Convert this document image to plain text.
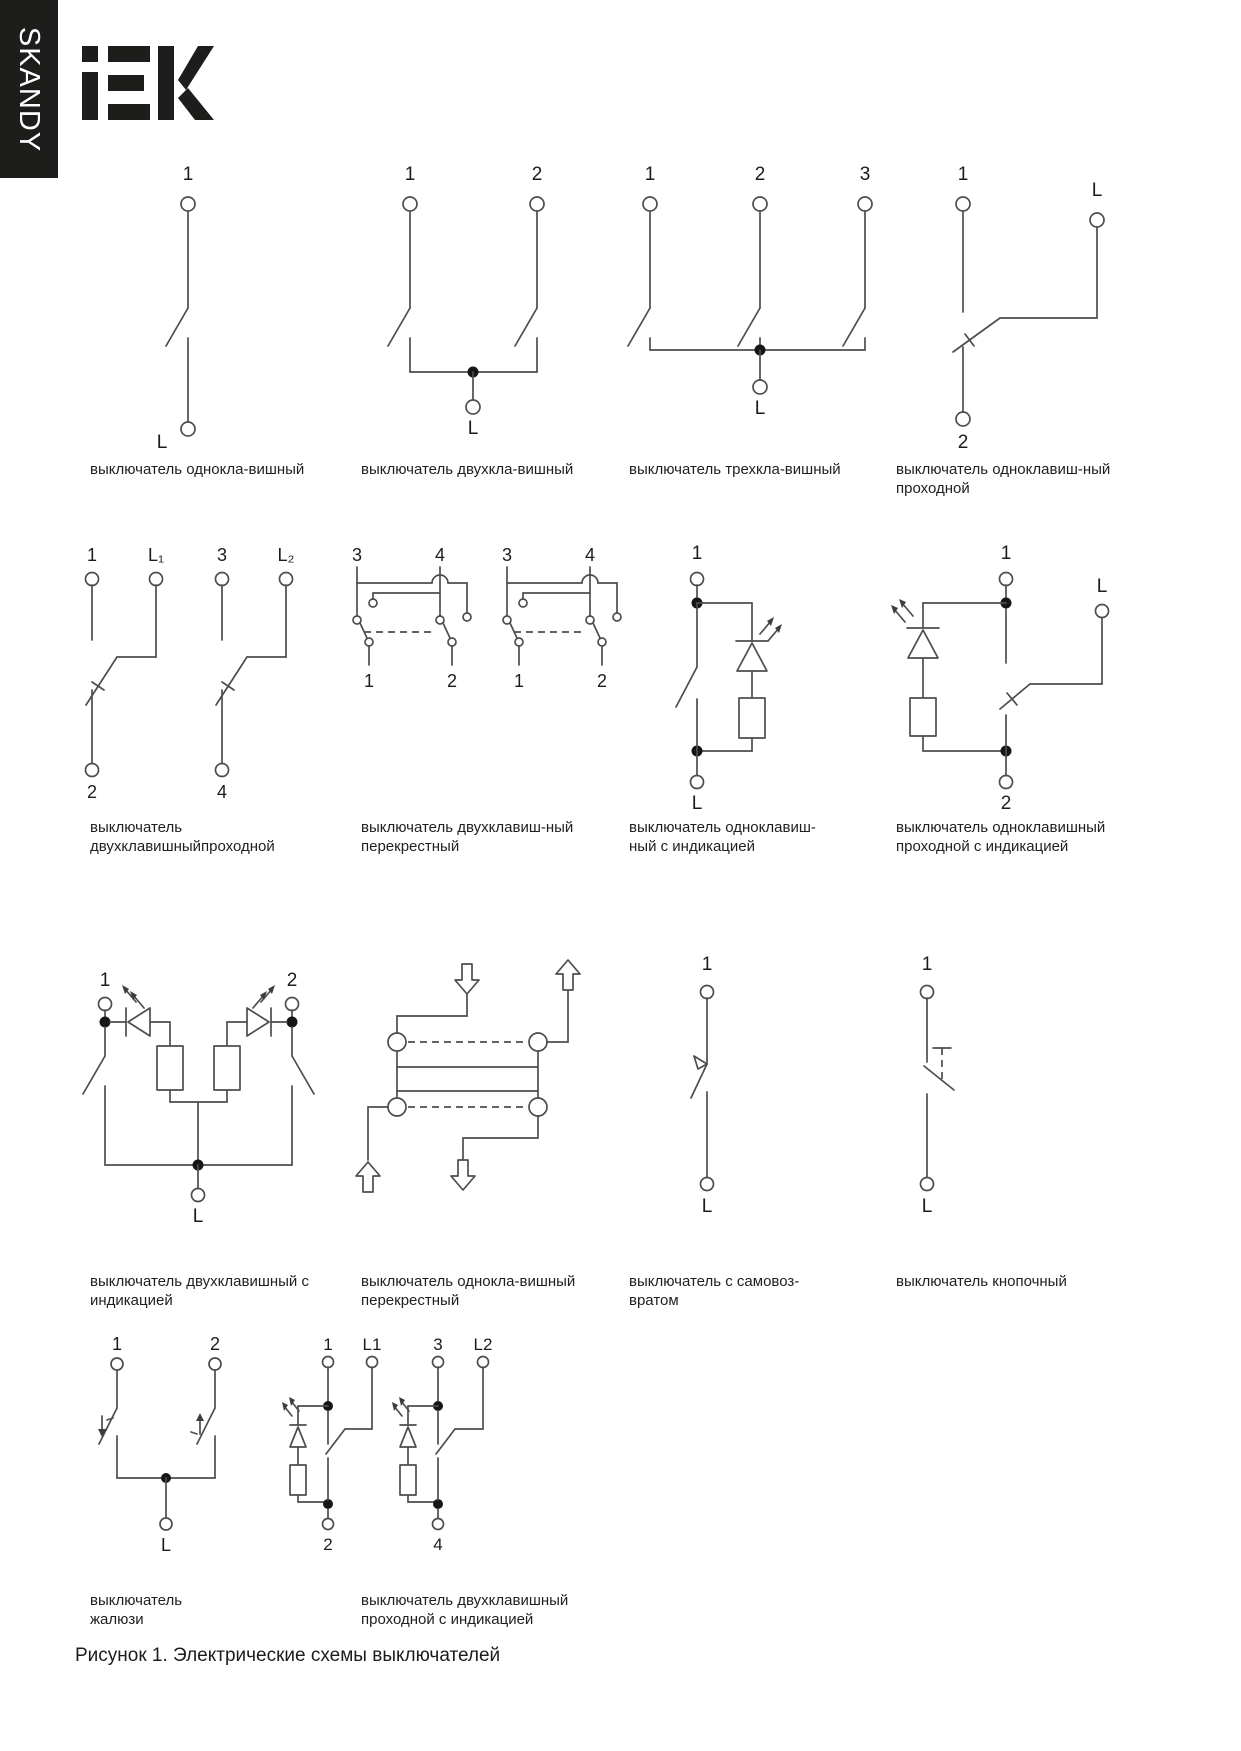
SKANDY
1
L
1	2
L
1	2	3
L
1
L
2
1	L₁
2
3	L₂
4
3	4
1	2
3	4
1	2
1
L
1
L
2
1	2
L
1
L
1
L
1	2
L
1 L1
2
3 L2
4
выключатель однокла-вишный	выключатель двухкла-вишный	выключатель трехкла-вишный	выключатель одноклавиш-ный
проходной
выключатель
двухклавишныйпроходной
выключатель двухклавиш-ный
перекрестный
выключатель одноклавиш-
ный с индикацией
выключатель одноклавишный
проходной с индикацией
выключатель двухклавишный с
индикацией
выключатель однокла-вишный
перекрестный
выключатель с самовоз-
вратом
выключатель кнопочный
выключатель
жалюзи
выключатель двухклавишный
проходной с индикацией
Рисунок 1. Электрические схемы выключателей
